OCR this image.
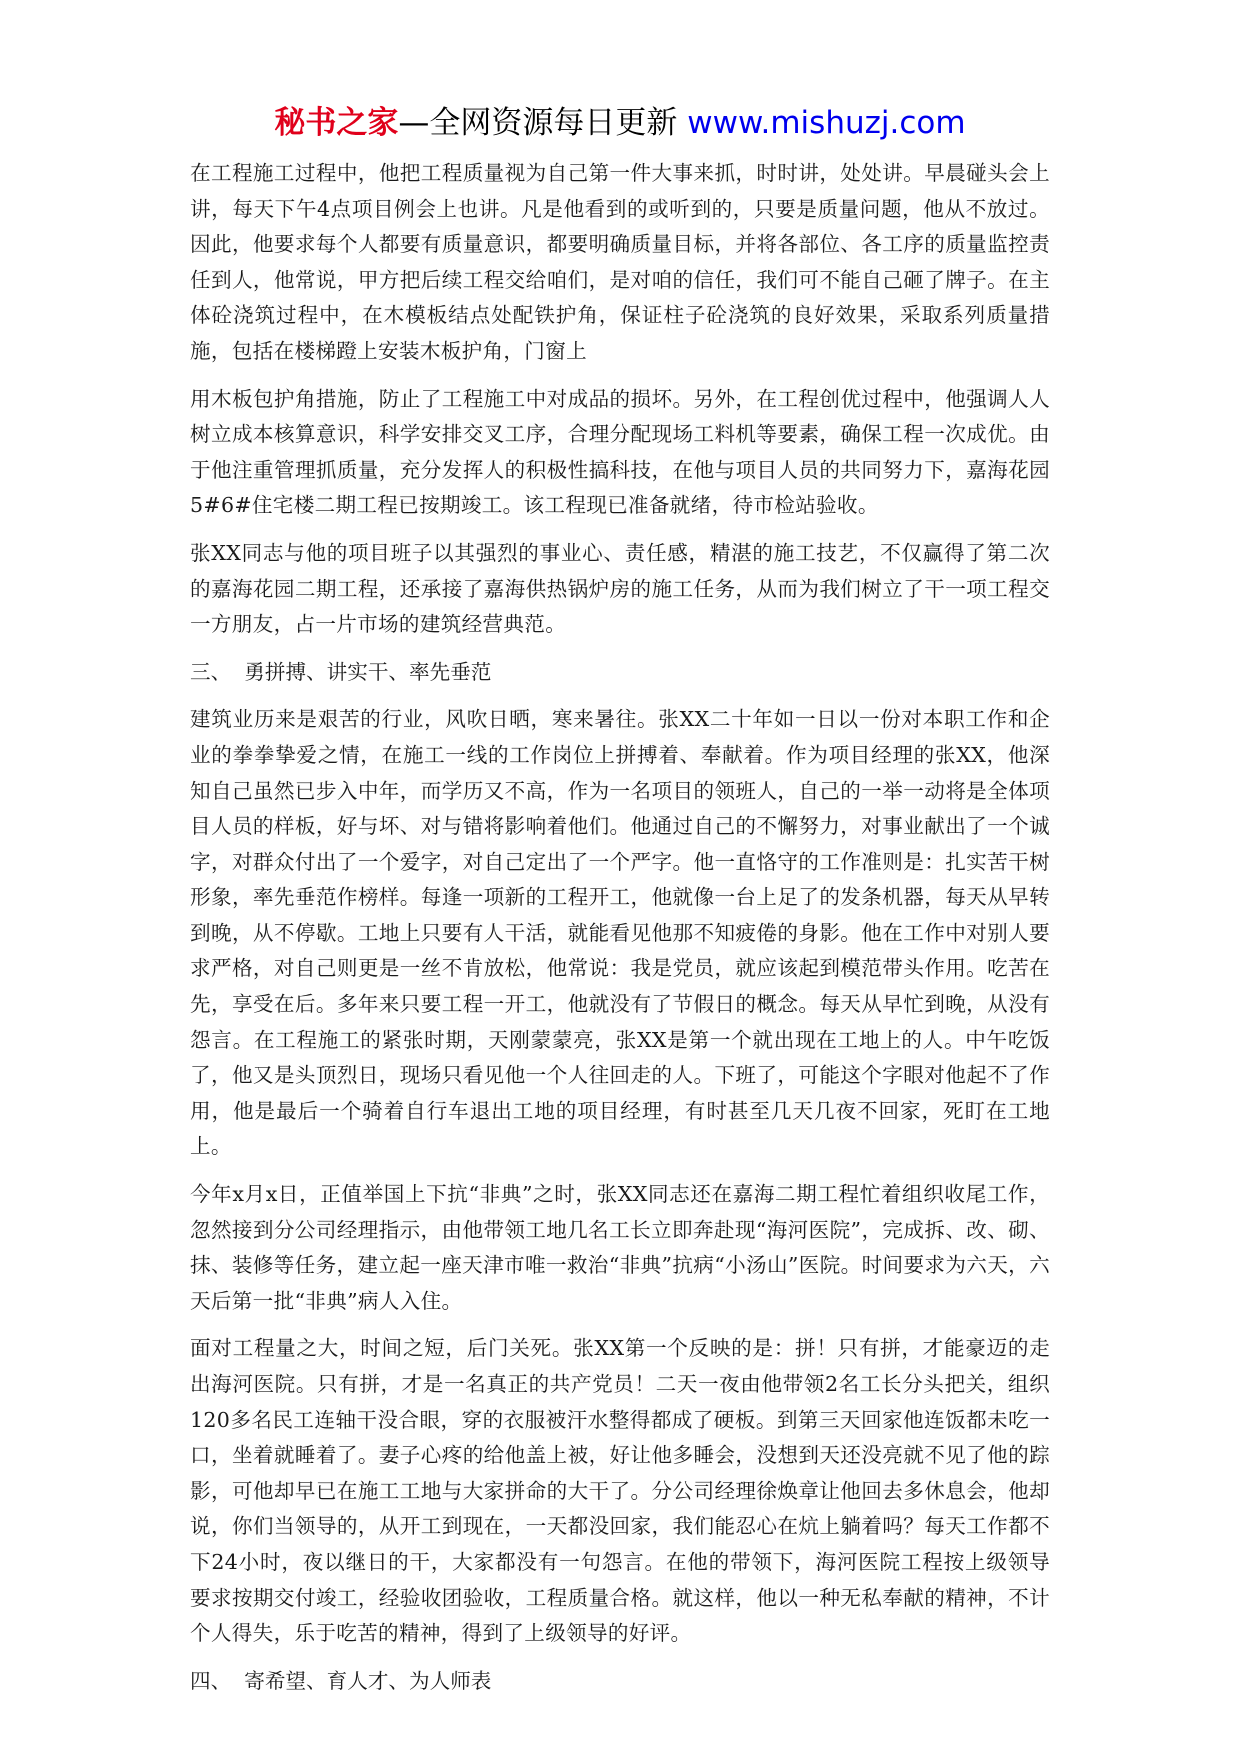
秘书之家—全网资源每日更新 www.mishuzj.com

在工程施工过程中，他把工程质量视为自己第一件大事来抓，时时讲，处处讲。早晨碰头会上讲，每天下午4点项目例会上也讲。凡是他看到的或听到的，只要是质量问题，他从不放过。因此，他要求每个人都要有质量意识，都要明确质量目标，并将各部位、各工序的质量监控责任到人，他常说，甲方把后续工程交给咱们，是对咱的信任，我们可不能自己砸了牌子。在主体砼浇筑过程中，在木模板结点处配铁护角，保证柱子砼浇筑的良好效果，采取系列质量措施，包括在楼梯蹬上安装木板护角，门窗上

用木板包护角措施，防止了工程施工中对成品的损坏。另外，在工程创优过程中，他强调人人树立成本核算意识，科学安排交叉工序，合理分配现场工料机等要素，确保工程一次成优。由于他注重管理抓质量，充分发挥人的积极性搞科技，在他与项目人员的共同努力下，嘉海花园5#6#住宅楼二期工程已按期竣工。该工程现已准备就绪，待市检站验收。

张XX同志与他的项目班子以其强烈的事业心、责任感，精湛的施工技艺，不仅赢得了第二次的嘉海花园二期工程，还承接了嘉海供热锅炉房的施工任务，从而为我们树立了干一项工程交一方朋友，占一片市场的建筑经营典范。

三、  勇拼搏、讲实干、率先垂范

建筑业历来是艰苦的行业，风吹日晒，寒来暑往。张XX二十年如一日以一份对本职工作和企业的拳拳挚爱之情，在施工一线的工作岗位上拼搏着、奉献着。作为项目经理的张XX，他深知自己虽然已步入中年，而学历又不高，作为一名项目的领班人，自己的一举一动将是全体项目人员的样板，好与坏、对与错将影响着他们。他通过自己的不懈努力，对事业献出了一个诚字，对群众付出了一个爱字，对自己定出了一个严字。他一直恪守的工作准则是：扎实苦干树形象，率先垂范作榜样。每逢一项新的工程开工，他就像一台上足了的发条机器，每天从早转到晚，从不停歇。工地上只要有人干活，就能看见他那不知疲倦的身影。他在工作中对别人要求严格，对自己则更是一丝不肯放松，他常说：我是党员，就应该起到模范带头作用。吃苦在先，享受在后。多年来只要工程一开工，他就没有了节假日的概念。每天从早忙到晚，从没有怨言。在工程施工的紧张时期，天刚蒙蒙亮，张XX是第一个就出现在工地上的人。中午吃饭了，他又是头顶烈日，现场只看见他一个人往回走的人。下班了，可能这个字眼对他起不了作用，他是最后一个骑着自行车退出工地的项目经理，有时甚至几天几夜不回家，死盯在工地上。

今年x月x日，正值举国上下抗“非典”之时，张XX同志还在嘉海二期工程忙着组织收尾工作，忽然接到分公司经理指示，由他带领工地几名工长立即奔赴现“海河医院”，完成拆、改、砌、抹、装修等任务，建立起一座天津市唯一救治“非典”抗病“小汤山”医院。时间要求为六天，六天后第一批“非典”病人入住。

面对工程量之大，时间之短，后门关死。张XX第一个反映的是：拼！只有拼，才能豪迈的走出海河医院。只有拼，才是一名真正的共产党员！二天一夜由他带领2名工长分头把关，组织120多名民工连轴干没合眼，穿的衣服被汗水整得都成了硬板。到第三天回家他连饭都未吃一口，坐着就睡着了。妻子心疼的给他盖上被，好让他多睡会，没想到天还没亮就不见了他的踪影，可他却早已在施工工地与大家拼命的大干了。分公司经理徐焕章让他回去多休息会，他却说，你们当领导的，从开工到现在，一天都没回家，我们能忍心在炕上躺着吗？每天工作都不下24小时，夜以继日的干，大家都没有一句怨言。在他的带领下，海河医院工程按上级领导要求按期交付竣工，经验收团验收，工程质量合格。就这样，他以一种无私奉献的精神，不计个人得失，乐于吃苦的精神，得到了上级领导的好评。

四、  寄希望、育人才、为人师表
